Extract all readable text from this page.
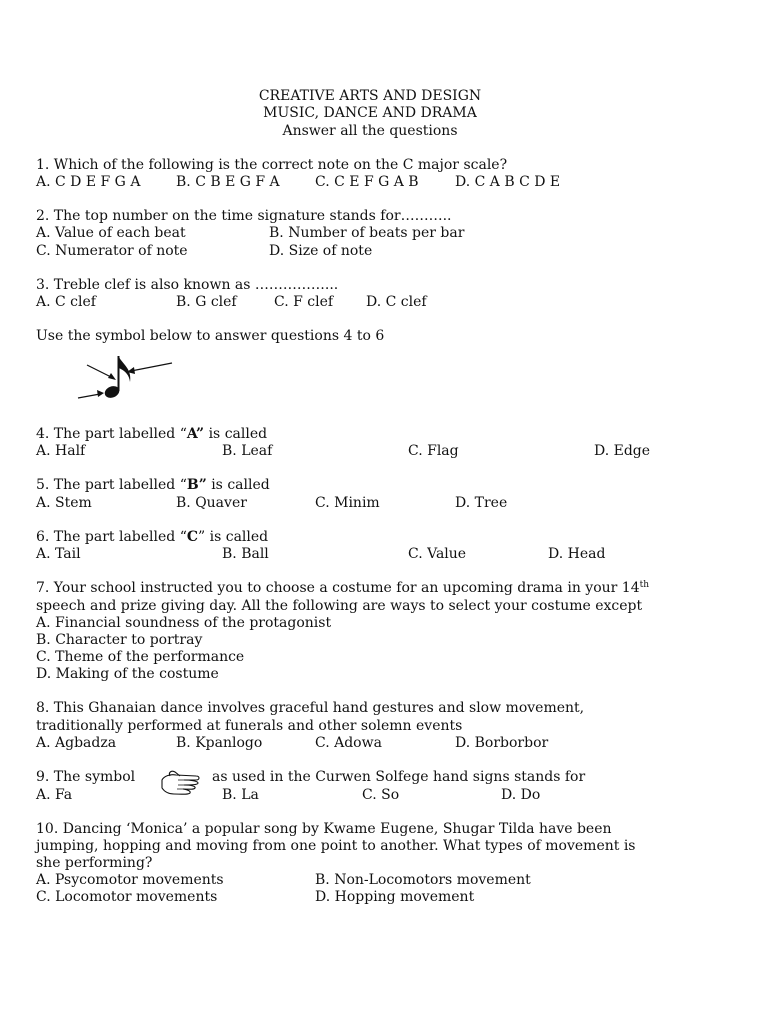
CREATIVE ARTS AND DESIGN
MUSIC, DANCE AND DRAMA
Answer all the questions
1. Which of the following is the correct note on the C major scale?
A. C D E F G A	B. C B E G F A	C. C E F G A B	D. C A B C D E
2. The top number on the time signature stands for………..
A. Value of each beat	B. Number of beats per bar
C. Numerator of note	D. Size of note
3. Treble clef is also known as ……………...
A. C clef	B. G clef	C. F clef D. C clef
Use the symbol below to answer questions 4 to 6
4. The part labelled “A” is called
A. Half	B. Leaf	C. Flag	D. Edge
5. The part labelled “B” is called
A. Stem	B. Quaver	C. Minim	D. Tree
6. The part labelled “C” is called
A. Tail	B. Ball	C. Value	D. Head
7. Your school instructed you to choose a costume for an upcoming drama in your 14th
speech and prize giving day. All the following are ways to select your costume except
A. Financial soundness of the protagonist
B. Character to portray
C. Theme of the performance
D. Making of the costume
8. This Ghanaian dance involves graceful hand gestures and slow movement,
traditionally performed at funerals and other solemn events
A. Agbadza	B. Kpanlogo	C. Adowa	D. Borborbor
9. The symbol	as used in the Curwen Solfege hand signs stands for
A. Fa	B. La	C. So	D. Do
10. Dancing ‘Monica’ a popular song by Kwame Eugene, Shugar Tilda have been
jumping, hopping and moving from one point to another. What types of movement is
she performing?
A. Psycomotor movements	B. Non-Locomotors movement
C. Locomotor movements	D. Hopping movement
